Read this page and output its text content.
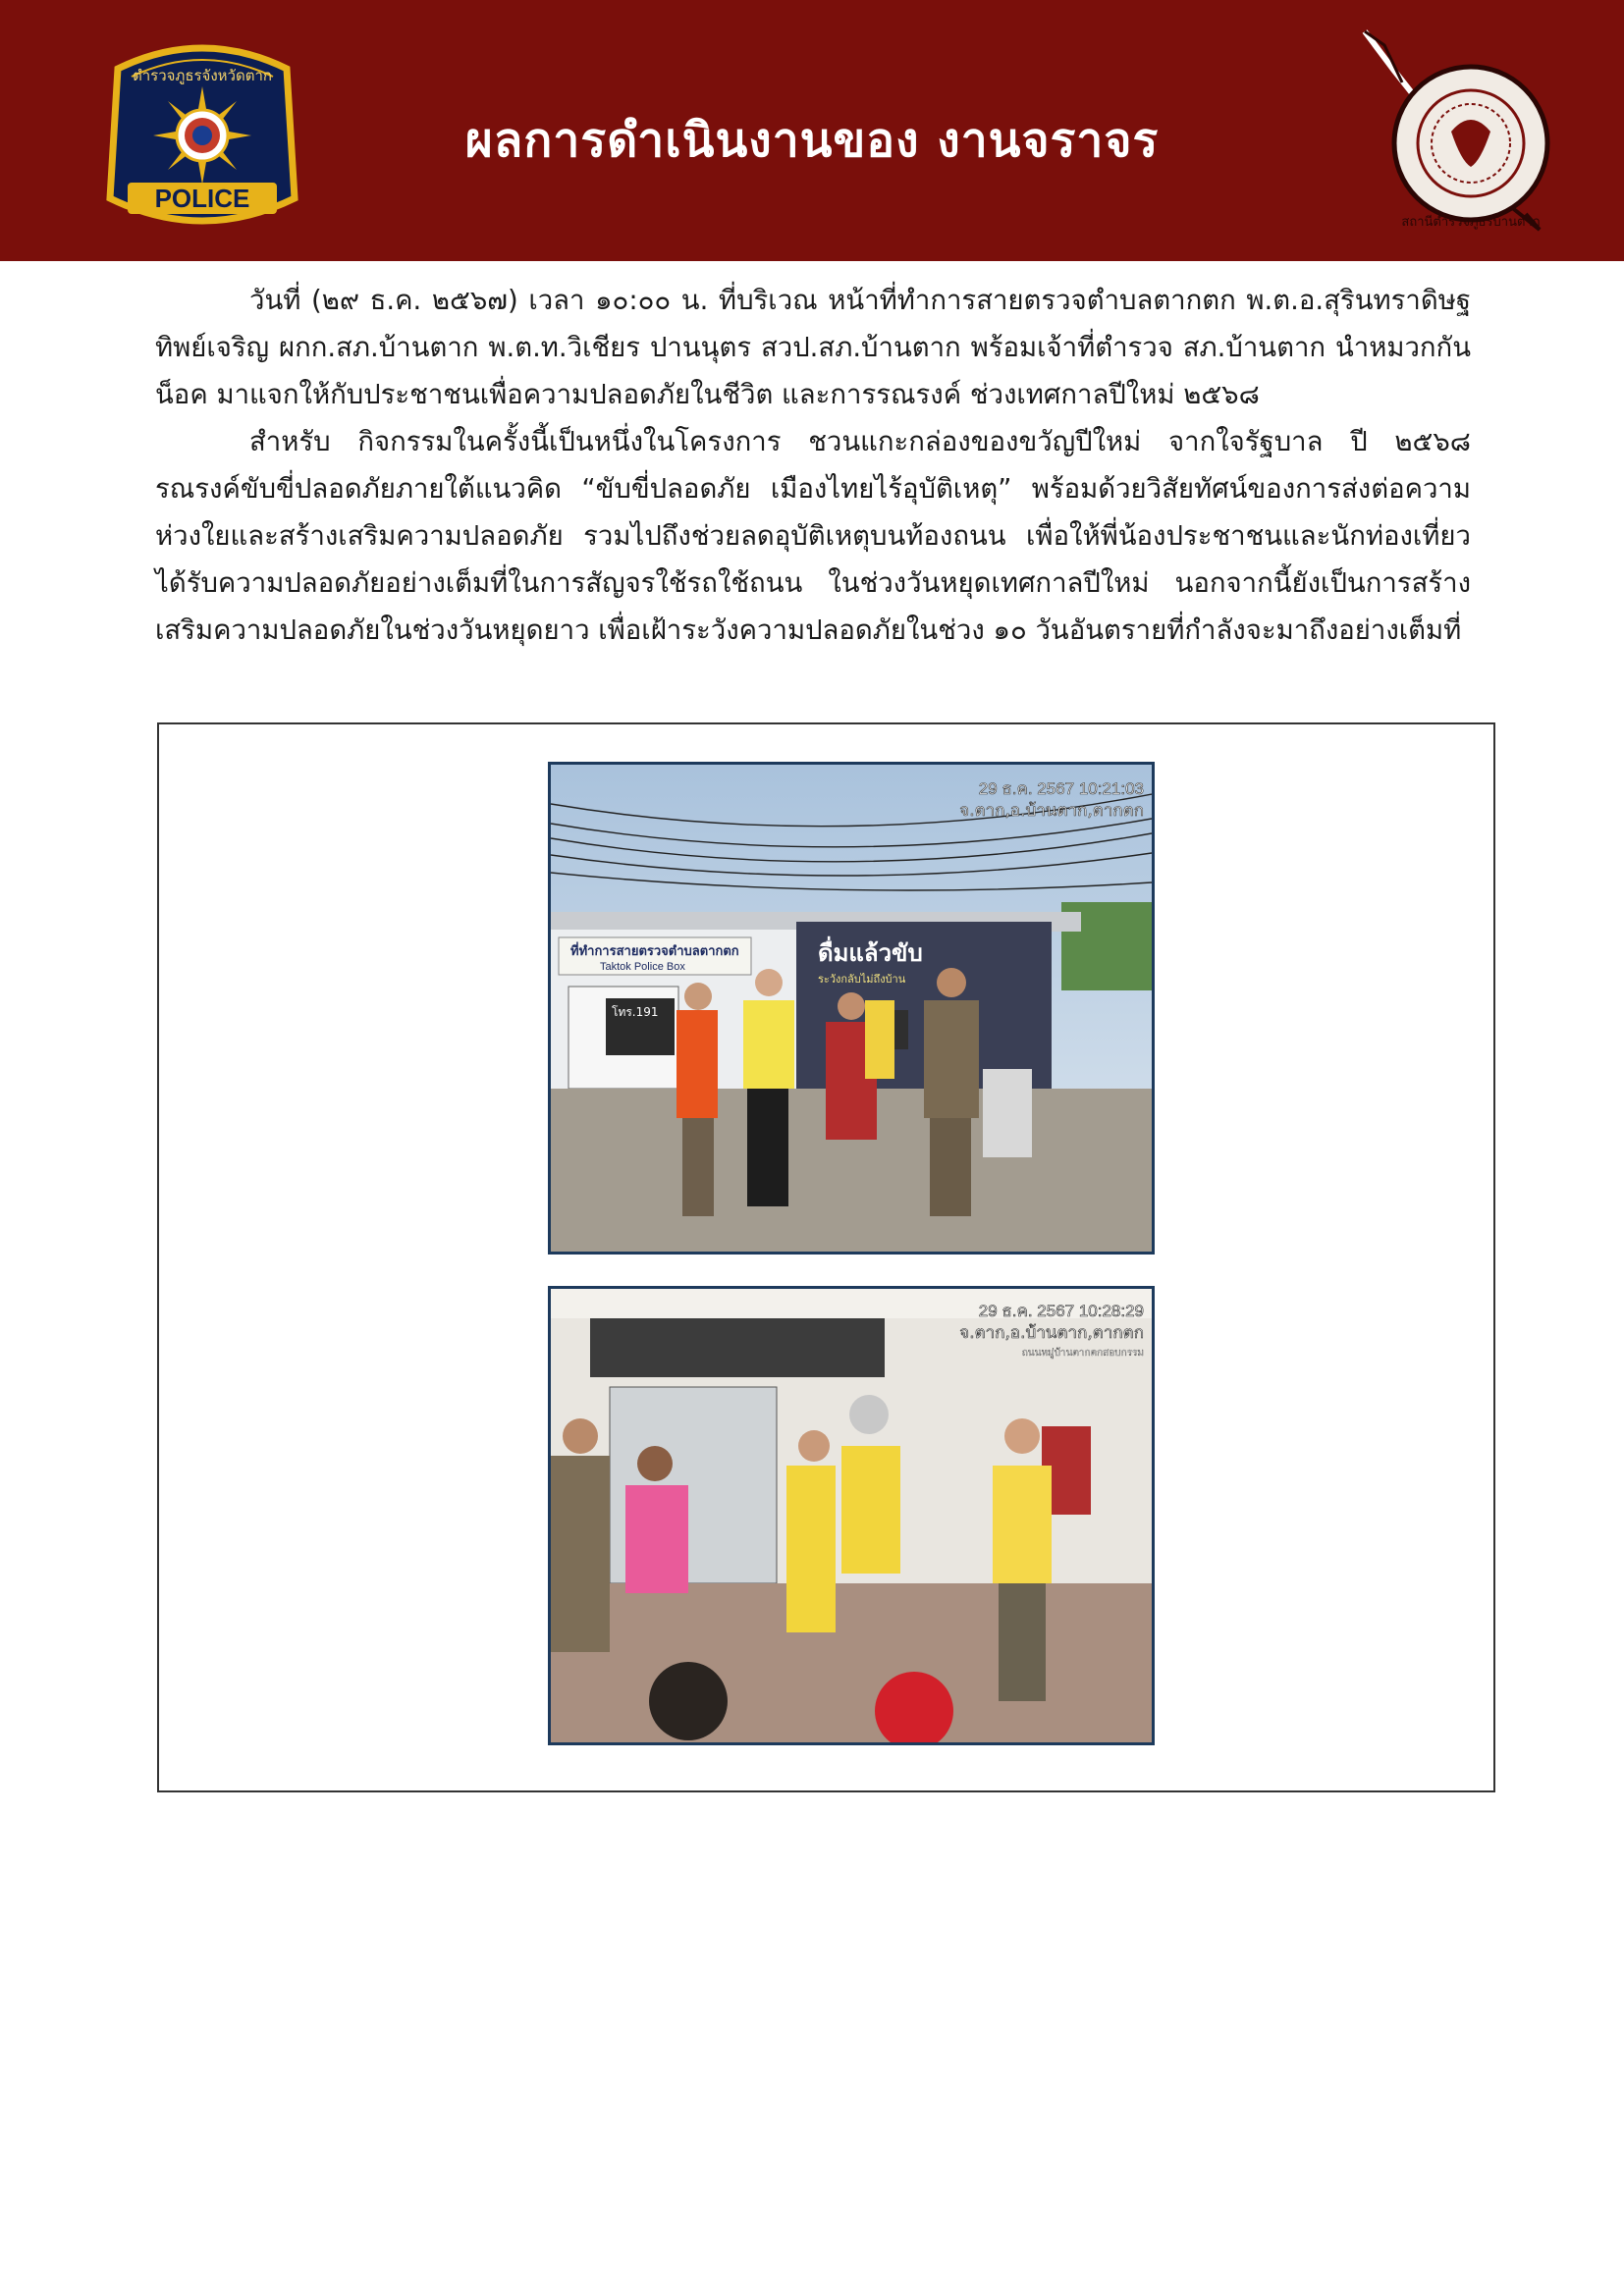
ตำรวจภูธรจังหวัดตาก
POLICE
ผลการดำเนินงานของ งานจราจร
สถานีตำรวจภูธรบ้านตาก

วันที่ (๒๙ ธ.ค. ๒๕๖๗) เวลา ๑๐:๐๐ น. ที่บริเวณ หน้าที่ทำการสายตรวจตำบลตากตก พ.ต.อ.สุรินทราดิษฐ ทิพย์เจริญ ผกก.สภ.บ้านตาก พ.ต.ท.วิเชียร ปานนุตร สวป.สภ.บ้านตาก พร้อมเจ้าที่ตำรวจ สภ.บ้านตาก นำหมวกกันน็อค มาแจกให้กับประชาชนเพื่อความปลอดภัยในชีวิต และการรณรงค์ ช่วงเทศกาลปีใหม่ ๒๕๖๘

สำหรับ กิจกรรมในครั้งนี้เป็นหนึ่งในโครงการ ชวนแกะกล่องของขวัญปีใหม่ จากใจรัฐบาล ปี ๒๕๖๘ รณรงค์ขับขี่ปลอดภัยภายใต้แนวคิด “ขับขี่ปลอดภัย เมืองไทยไร้อุบัติเหตุ” พร้อมด้วยวิสัยทัศน์ของการส่งต่อความห่วงใยและสร้างเสริมความปลอดภัย รวมไปถึงช่วยลดอุบัติเหตุบนท้องถนน เพื่อให้พี่น้องประชาชนและนักท่องเที่ยวได้รับความปลอดภัยอย่างเต็มที่ในการสัญจรใช้รถใช้ถนน ในช่วงวันหยุดเทศกาลปีใหม่ นอกจากนี้ยังเป็นการสร้างเสริมความปลอดภัยในช่วงวันหยุดยาว เพื่อเฝ้าระวังความปลอดภัยในช่วง ๑๐ วันอันตรายที่กำลังจะมาถึงอย่างเต็มที่

ที่ทำการสายตรวจตำบลตากตก
Taktok Police Box
โทร.191
ดื่มแล้วขับ
ระวังกลับไม่ถึงบ้าน
29 ธ.ค. 2567 10:21:03
จ.ตาก,อ.บ้านตาก,ตากตก
29 ธ.ค. 2567 10:28:29
จ.ตาก,อ.บ้านตาก,ตากตก
ถนนหมู่บ้านตากตกสอบกรรม
